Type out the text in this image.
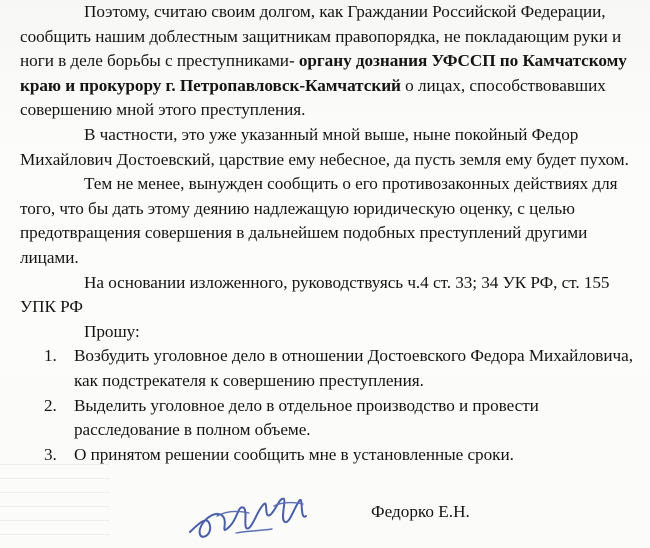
Поэтому, считаю своим долгом, как Граждании Российской Федерации, сообщить нашим доблестным защитникам правопорядка, не покладающим руки и ноги в деле борьбы с преступниками- органу дознания УФССП по Камчатскому краю и прокурору г. Петропавловск-Камчатский о лицах, способствовавших совершению мной этого преступления.

В частности, это уже указанный мной выше, ныне покойный Федор Михайлович Достоевский, царствие ему небесное, да пусть земля ему будет пухом.

Тем не менее, вынужден сообщить о его противозаконных действиях для того, что бы дать этому деянию надлежащую юридическую оценку, с целью предотвращения совершения в дальнейшем подобных преступлений другими лицами.

На основании изложенного, руководствуясь ч.4 ст. 33; 34 УК РФ, ст. 155 УПК РФ

Прошу:

1. Возбудить уголовное дело в отношении Достоевского Федора Михайловича, как подстрекателя к совершению преступления.
2. Выделить уголовное дело в отдельное производство и провести расследование в полном объеме.
3. О принятом решении сообщить мне в установленные сроки.
Федорко Е.Н.
